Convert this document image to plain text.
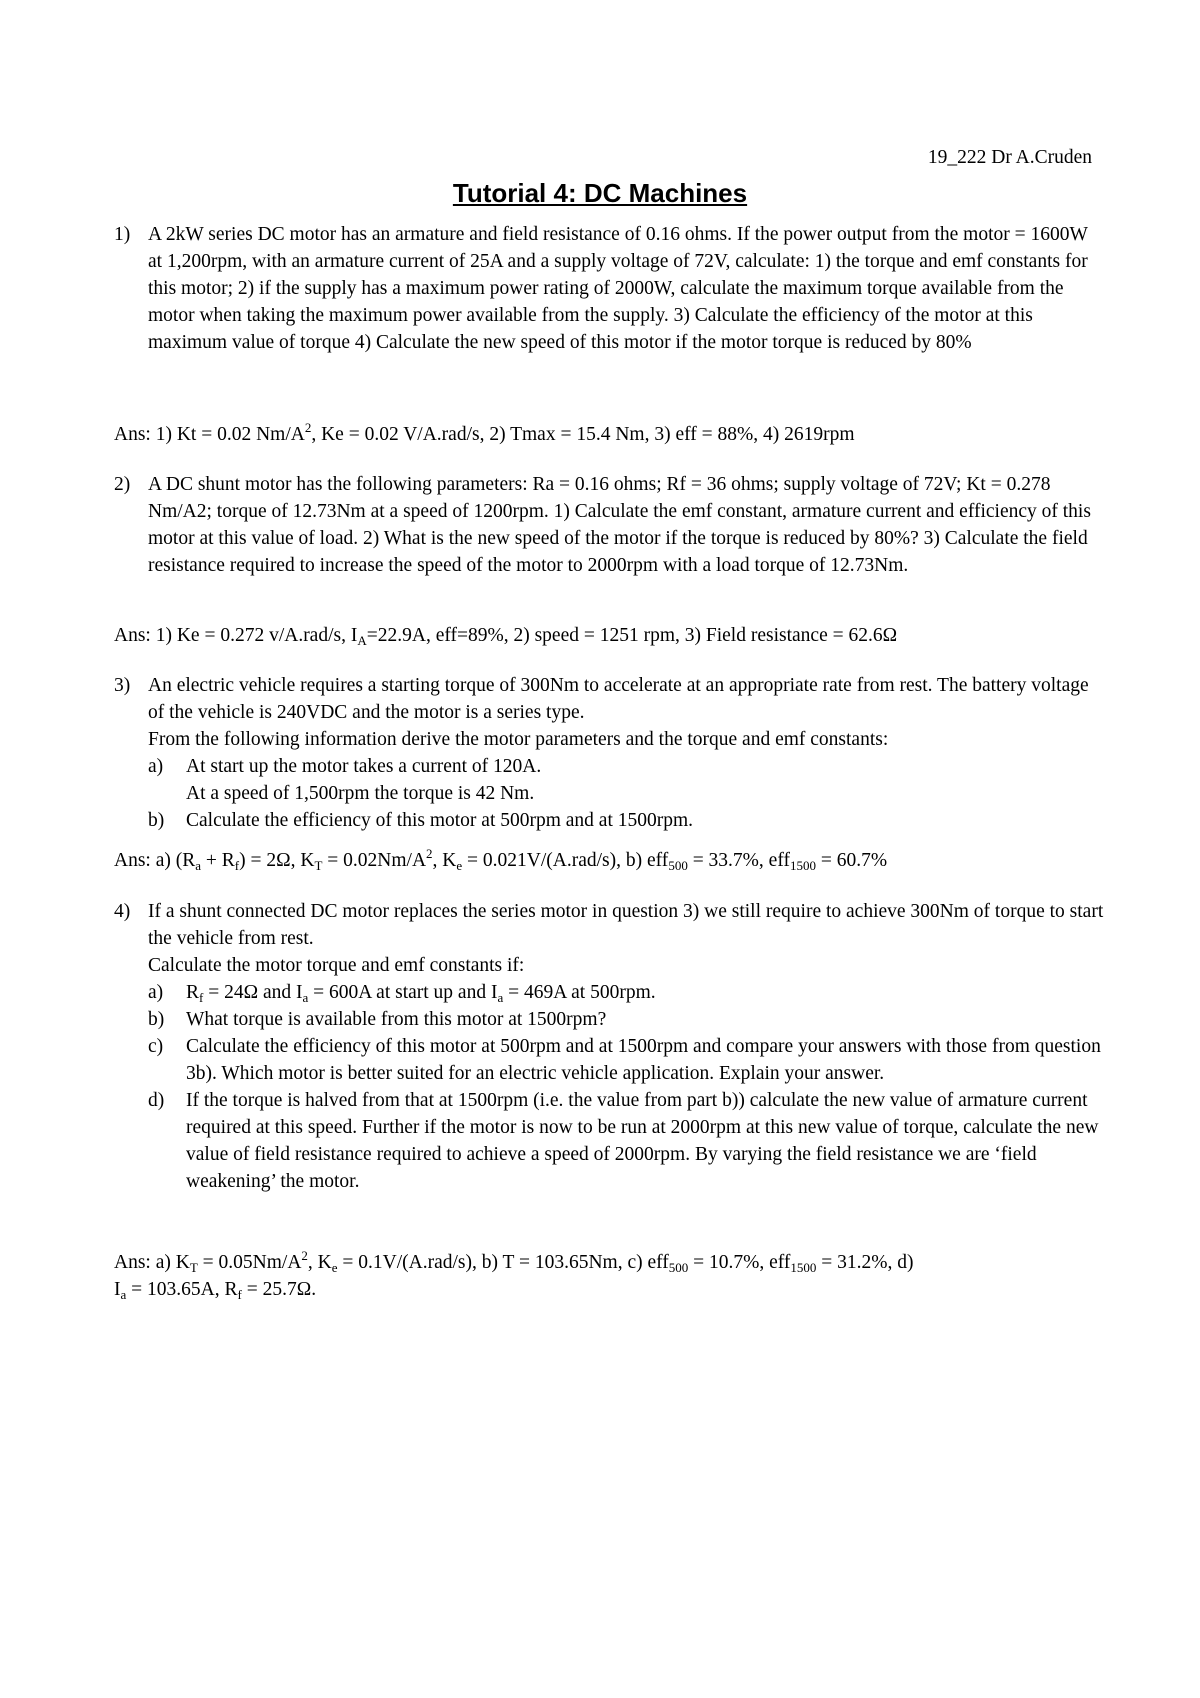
19_222 Dr A.Cruden
Tutorial 4: DC Machines
1) A 2kW series DC motor has an armature and field resistance of 0.16 ohms. If the power output from the motor = 1600W at 1,200rpm, with an armature current of 25A and a supply voltage of 72V, calculate: 1) the torque and emf constants for this motor; 2) if the supply has a maximum power rating of 2000W, calculate the maximum torque available from the motor when taking the maximum power available from the supply. 3) Calculate the efficiency of the motor at this maximum value of torque 4) Calculate the new speed of this motor if the motor torque is reduced by 80%

Ans: 1) Kt = 0.02 $Nm/A^2$, Ke = 0.02 V/A.rad/s, 2) Tmax = 15.4 Nm, 3) eff = 88%, 4) 2619rpm
2) A DC shunt motor has the following parameters: Ra = 0.16 ohms; Rf = 36 ohms; supply voltage of 72V; Kt = 0.278 Nm/A2; torque of 12.73Nm at a speed of 1200rpm. 1) Calculate the emf constant, armature current and efficiency of this motor at this value of load. 2) What is the new speed of the motor if the torque is reduced by 80%? 3) Calculate the field resistance required to increase the speed of the motor to 2000rpm with a load torque of 12.73Nm.

Ans: 1) Ke = 0.272 v/A.rad/s, $I_A=22.9A$, eff=89%, 2) speed = 1251 rpm, 3) Field resistance = 62.6Ω
3) An electric vehicle requires a starting torque of 300Nm to accelerate at an appropriate rate from rest. The battery voltage of the vehicle is 240VDC and the motor is a series type.

From the following information derive the motor parameters and the torque and emf constants:

a) At start up the motor takes a current of 120A.

At a speed of 1,500rpm the torque is 42 Nm.

b) Calculate the efficiency of this motor at 500rpm and at 1500rpm.

Ans: a) $(R_a + R_f) = 2\Omega$, $K_T = 0.02Nm/A^2$, $K_e = 0.021V/(A.rad/s)$, b) eff$_{500}$ = 33.7%, eff$_{1500}$ = 60.7%
4) If a shunt connected DC motor replaces the series motor in question 3) we still require to achieve 300Nm of torque to start the vehicle from rest.

Calculate the motor torque and emf constants if:

a) $R_f = 24\Omega$ and $I_a = 600A$ at start up and $I_a = 469A$ at 500rpm.

b) What torque is available from this motor at 1500rpm?

c) Calculate the efficiency of this motor at 500rpm and at 1500rpm and compare your answers with those from question 3b). Which motor is better suited for an electric vehicle application. Explain your answer.

d) If the torque is halved from that at 1500rpm (i.e. the value from part b)) calculate the new value of armature current required at this speed. Further if the motor is now to be run at 2000rpm at this new value of torque, calculate the new value of field resistance required to achieve a speed of 2000rpm. By varying the field resistance we are ‘field weakening’ the motor.

Ans: a) $K_T = 0.05Nm/A^2$, $K_e = 0.1V/(A.rad/s)$, b) T = 103.65Nm, c) eff$_{500}$ = 10.7%, eff$_{1500}$ = 31.2%, d)
$I_a = 103.65A$, $R_f = 25.7\Omega$.
